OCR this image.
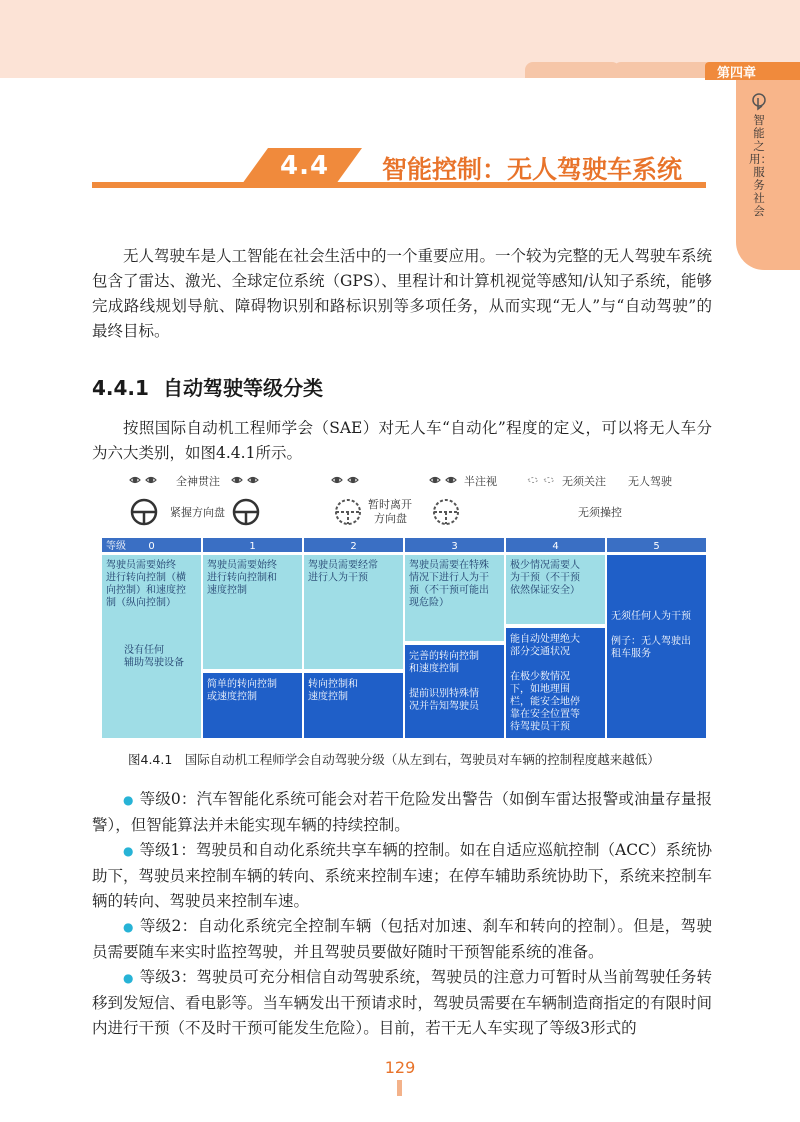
第四章
智能之用：服务社会
4.4 智能控制：无人驾驶车系统

无人驾驶车是人工智能在社会生活中的一个重要应用。一个较为完整的无人驾驶车系统包含了雷达、激光、全球定位系统（GPS）、里程计和计算机视觉等感知/认知子系统，能够完成路线规划导航、障碍物识别和路标识别等多项任务，从而实现“无人”与“自动驾驶”的最终目标。

4.4.1 自动驾驶等级分类

按照国际自动机工程师学会（SAE）对无人车“自动化”程度的定义，可以将无人车分为六大类别，如图4.4.1所示。

全神贯注	半注视	无须关注 无人驾驶
紧握方向盘
暂时离开
方向盘	无须操控
0
等级
驾驶员需要始终
进行转向控制（横
向控制）和速度控
制（纵向控制）
没有任何
辅助驾驶设备
1
驾驶员需要始终
进行转向控制和
速度控制
简单的转向控制
或速度控制
2
驾驶员需要经常
进行人为干预
转向控制和
速度控制
3
驾驶员需要在特殊
情况下进行人为干
预（不干预可能出
现危险）
完善的转向控制
和速度控制
提前识别特殊情
况并告知驾驶员
4
极少情况需要人
为干预（不干预
依然保证安全）
能自动处理绝大
部分交通状况
在极少数情况
下，如地理围
栏，能安全地停
靠在安全位置等
待驾驶员干预
5
无须任何人为干预
例子：无人驾驶出
租车服务
图4.4.1　国际自动机工程师学会自动驾驶分级（从左到右，驾驶员对车辆的控制程度越来越低）

● 等级0：汽车智能化系统可能会对若干危险发出警告（如倒车雷达报警或油量存量报警），但智能算法并未能实现车辆的持续控制。

● 等级1：驾驶员和自动化系统共享车辆的控制。如在自适应巡航控制（ACC）系统协助下，驾驶员来控制车辆的转向、系统来控制车速；在停车辅助系统协助下，系统来控制车辆的转向、驾驶员来控制车速。

● 等级2：自动化系统完全控制车辆（包括对加速、刹车和转向的控制）。但是，驾驶员需要随车来实时监控驾驶，并且驾驶员要做好随时干预智能系统的准备。

● 等级3：驾驶员可充分相信自动驾驶系统，驾驶员的注意力可暂时从当前驾驶任务转移到发短信、看电影等。当车辆发出干预请求时，驾驶员需要在车辆制造商指定的有限时间内进行干预（不及时干预可能发生危险）。目前，若干无人车实现了等级3形式的

129
